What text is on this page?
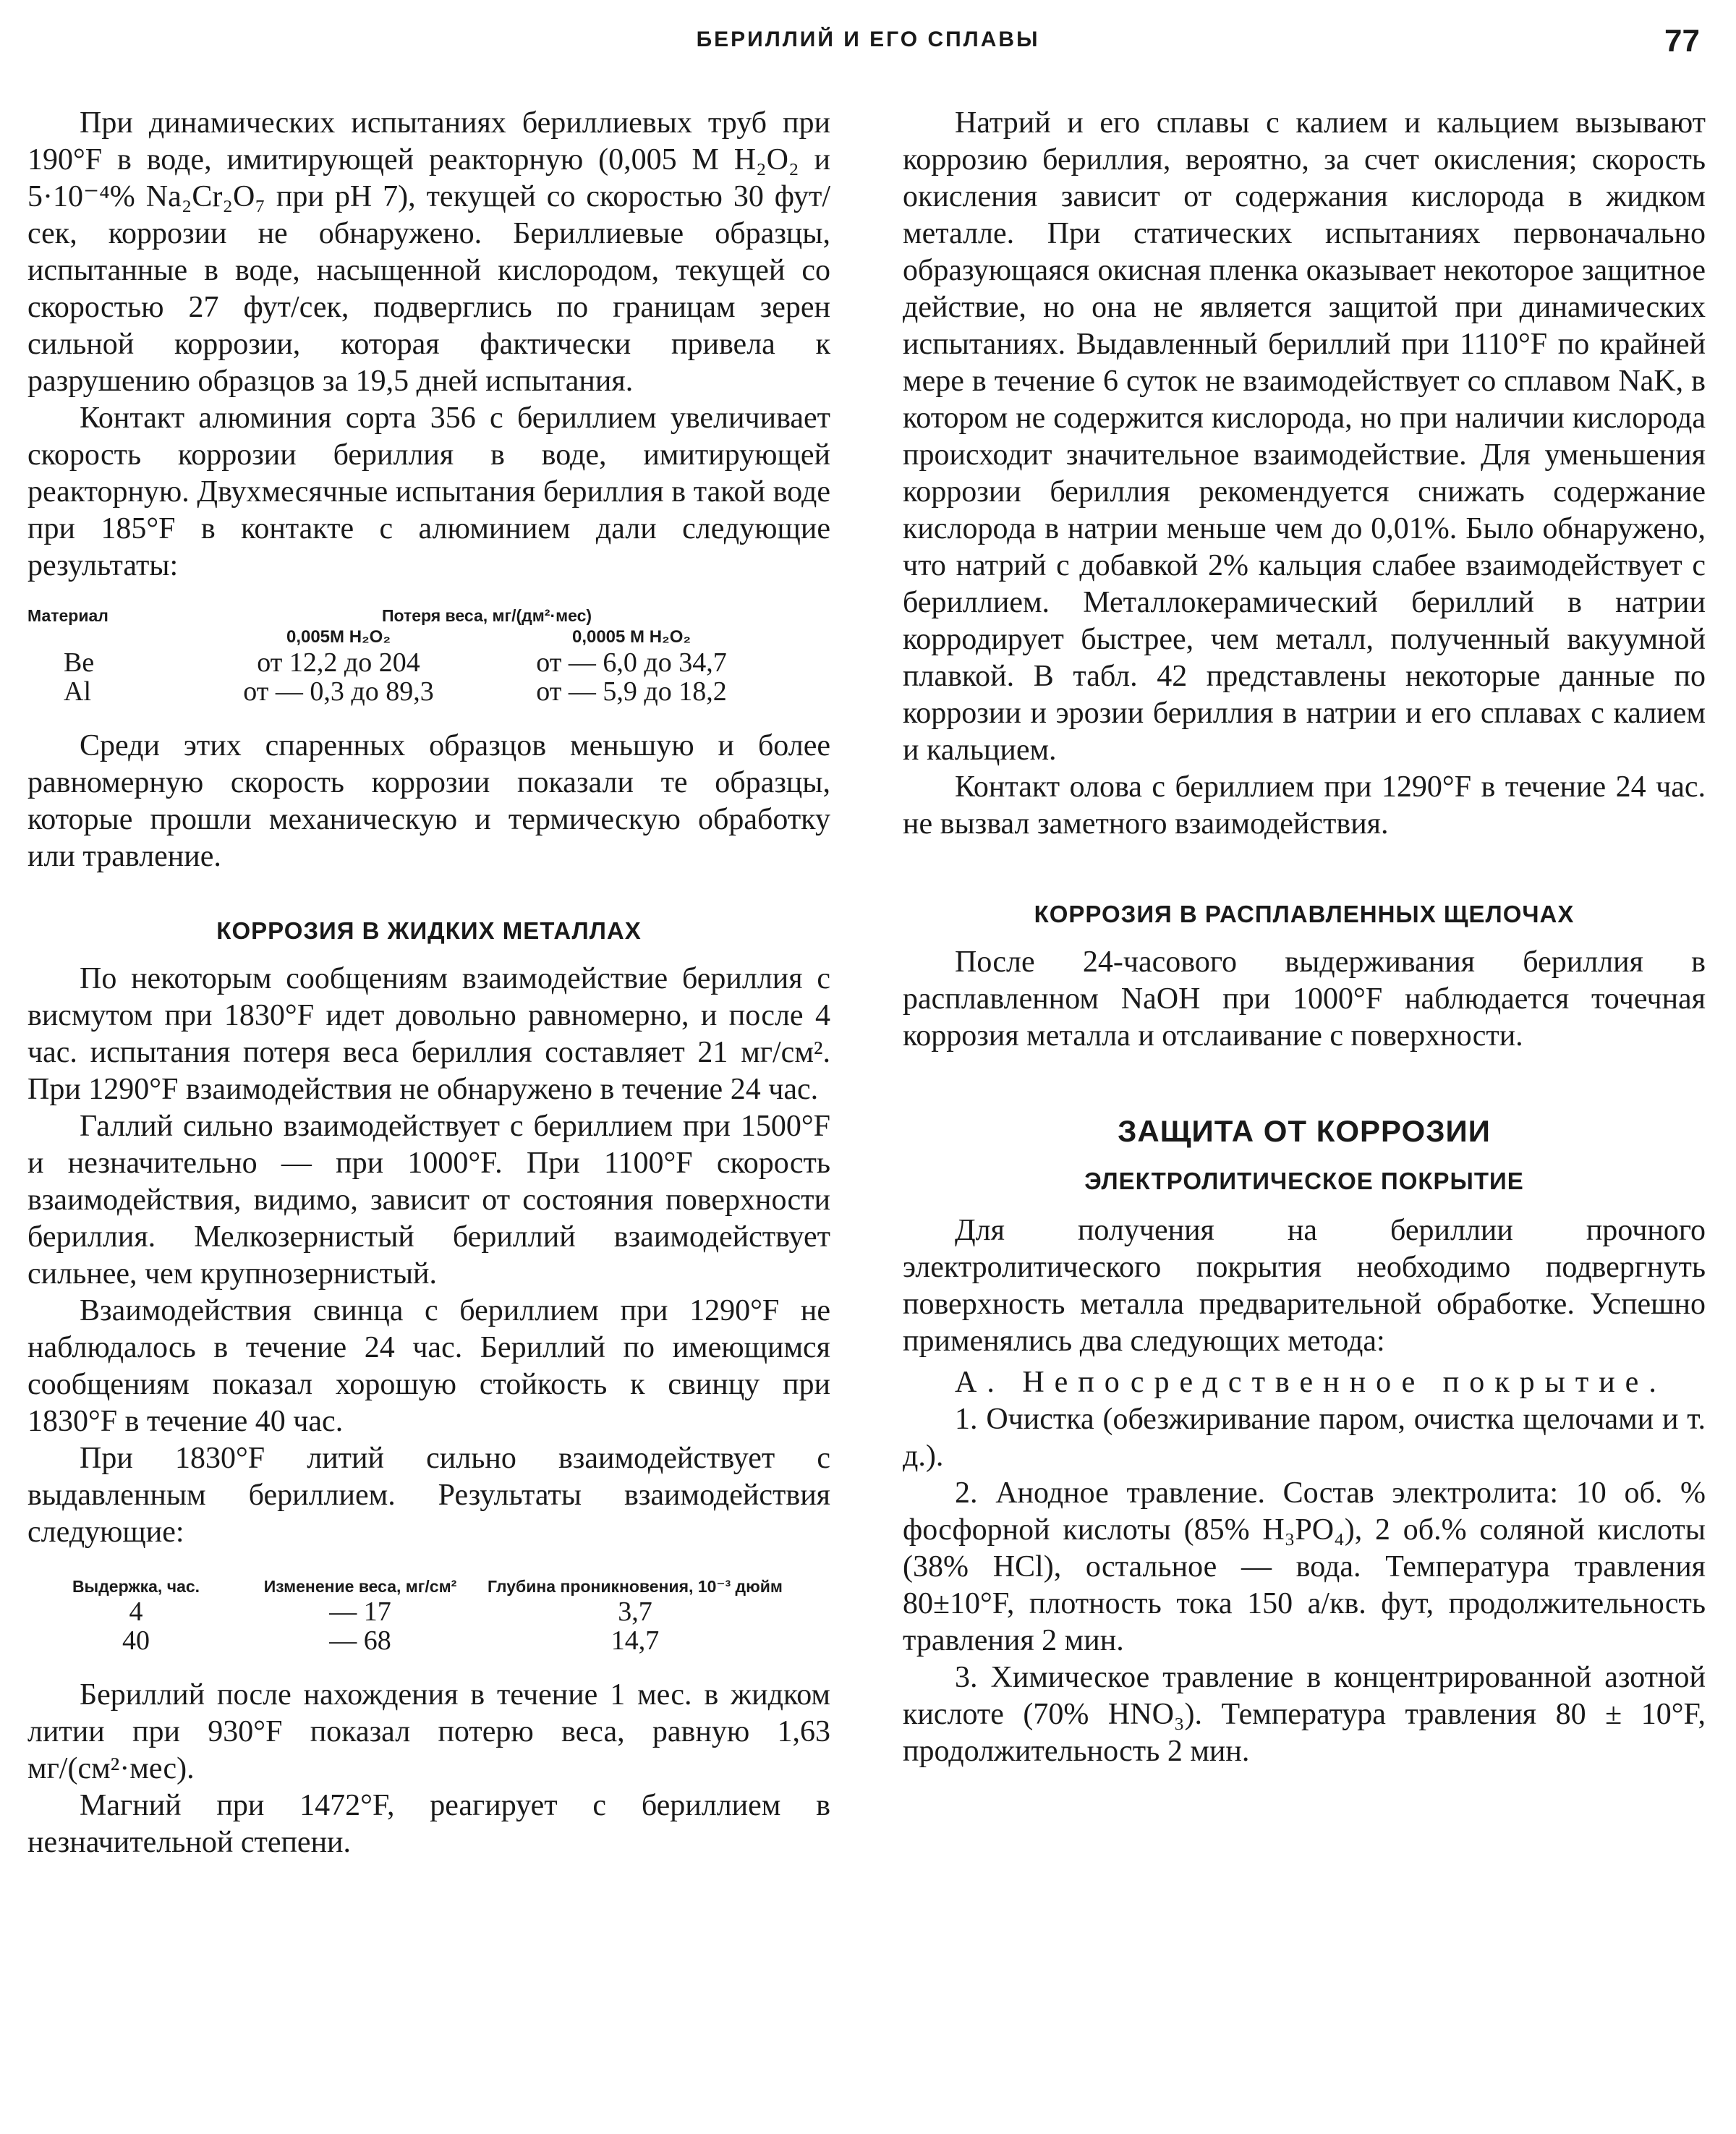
БЕРИЛЛИЙ И ЕГО СПЛАВЫ	77

При динамических испытаниях бериллиевых труб при 190°F в воде, имитирующей реакторную (0,005 М H₂O₂ и 5·10⁻⁴% Na₂Cr₂O₇ при pH 7), текущей со скоростью 30 фут/сек, коррозии не обнаружено. Бериллиевые образцы, испытанные в воде, насыщенной кислородом, текущей со скоростью 27 фут/сек, подверглись по границам зерен сильной коррозии, которая фактически привела к разрушению образцов за 19,5 дней испытания.

Контакт алюминия сорта 356 с бериллием увеличивает скорость коррозии бериллия в воде, имитирующей реакторную. Двухмесячные испытания бериллия в такой воде при 185°F в контакте с алюминием дали следующие результаты:

Материал	Потеря веса, мг/(дм²·мес)	
	0,005М H₂O₂	0,0005 М H₂O₂
Be	от 12,2 до 204	от — 6,0 до 34,7
Al	от — 0,3 до 89,3	от — 5,9 до 18,2

Среди этих спаренных образцов меньшую и более равномерную скорость коррозии показали те образцы, которые прошли механическую и термическую обработку или травление.

КОРРОЗИЯ В ЖИДКИХ МЕТАЛЛАХ

По некоторым сообщениям взаимодействие бериллия с висмутом при 1830°F идет довольно равномерно, и после 4 час. испытания потеря веса бериллия составляет 21 мг/см². При 1290°F взаимодействия не обнаружено в течение 24 час.

Галлий сильно взаимодействует с бериллием при 1500°F и незначительно — при 1000°F. При 1100°F скорость взаимодействия, видимо, зависит от состояния поверхности бериллия. Мелкозернистый бериллий взаимодействует сильнее, чем крупнозернистый.

Взаимодействия свинца с бериллием при 1290°F не наблюдалось в течение 24 час. Бериллий по имеющимся сообщениям показал хорошую стойкость к свинцу при 1830°F в течение 40 час.

При 1830°F литий сильно взаимодействует с выдавленным бериллием. Результаты взаимодействия следующие:

Выдержка, час.	Изменение веса, мг/см²	Глубина проникновения, 10⁻³ дюйм
4	— 17	3,7
40	— 68	14,7

Бериллий после нахождения в течение 1 мес. в жидком литии при 930°F показал потерю веса, равную 1,63 мг/(см²·мес).

Магний при 1472°F, реагирует с бериллием в незначительной степени.

Натрий и его сплавы с калием и кальцием вызывают коррозию бериллия, вероятно, за счет окисления; скорость окисления зависит от содержания кислорода в жидком металле. При статических испытаниях первоначально образующаяся окисная пленка оказывает некоторое защитное действие, но она не является защитой при динамических испытаниях. Выдавленный бериллий при 1110°F по крайней мере в течение 6 суток не взаимодействует со сплавом NaK, в котором не содержится кислорода, но при наличии кислорода происходит значительное взаимодействие. Для уменьшения коррозии бериллия рекомендуется снижать содержание кислорода в натрии меньше чем до 0,01%. Было обнаружено, что натрий с добавкой 2% кальция слабее взаимодействует с бериллием. Металлокерамический бериллий в натрии корродирует быстрее, чем металл, полученный вакуумной плавкой. В табл. 42 представлены некоторые данные по коррозии и эрозии бериллия в натрии и его сплавах с калием и кальцием.

Контакт олова с бериллием при 1290°F в течение 24 час. не вызвал заметного взаимодействия.

КОРРОЗИЯ В РАСПЛАВЛЕННЫХ ЩЕЛОЧАХ

После 24-часового выдерживания бериллия в расплавленном NaOH при 1000°F наблюдается точечная коррозия металла и отслаивание с поверхности.

ЗАЩИТА ОТ КОРРОЗИИ
ЭЛЕКТРОЛИТИЧЕСКОЕ ПОКРЫТИЕ

Для получения на бериллии прочного электролитического покрытия необходимо подвергнуть поверхность металла предварительной обработке. Успешно применялись два следующих метода:

А. Непосредственное покрытие.

1. Очистка (обезжиривание паром, очистка щелочами и т. д.).

2. Анодное травление. Состав электролита: 10 об. % фосфорной кислоты (85% H₃PO₄), 2 об.% соляной кислоты (38% HCl), остальное — вода. Температура травления 80±10°F, плотность тока 150 а/кв. фут, продолжительность травления 2 мин.

3. Химическое травление в концентрированной азотной кислоте (70% HNO₃). Температура травления 80 ± 10°F, продолжительность 2 мин.
